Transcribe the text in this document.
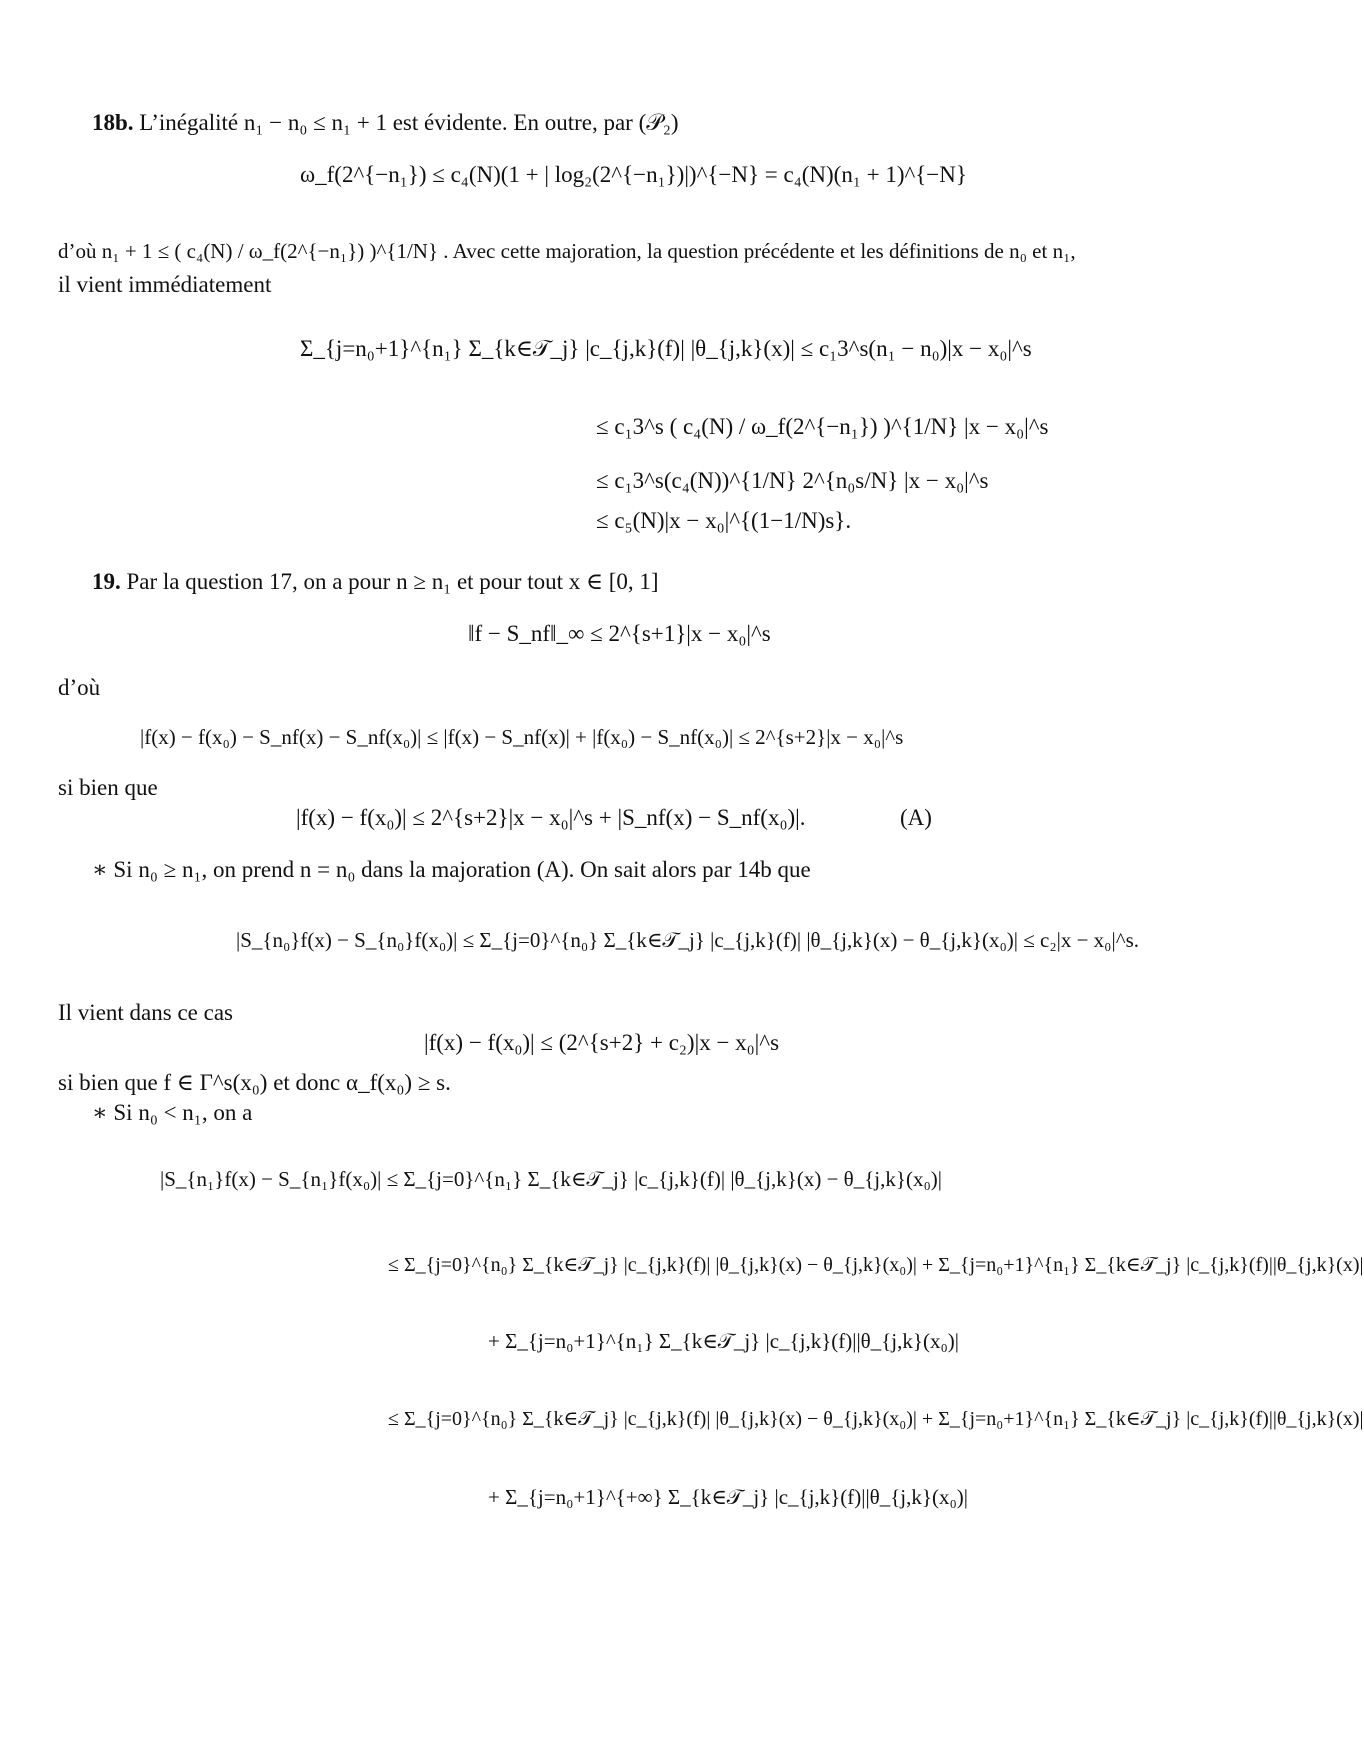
18b. L’inégalité n₁ − n₀ ≤ n₁ + 1 est évidente. En outre, par (𝒫₂)
ω_f(2^{−n₁}) ≤ c₄(N)(1 + | log₂(2^{−n₁})|)^{−N} = c₄(N)(n₁ + 1)^{−N}
d’où n₁ + 1 ≤ ( c₄(N) / ω_f(2^{−n₁}) )^{1/N} . Avec cette majoration, la question précédente et les définitions de n₀ et n₁,
il vient immédiatement
Σ_{j=n₀+1}^{n₁} Σ_{k∈𝒯_j} |c_{j,k}(f)| |θ_{j,k}(x)| ≤ c₁3^s(n₁ − n₀)|x − x₀|^s
≤ c₁3^s ( c₄(N) / ω_f(2^{−n₁}) )^{1/N} |x − x₀|^s
≤ c₁3^s(c₄(N))^{1/N} 2^{n₀s/N} |x − x₀|^s
≤ c₅(N)|x − x₀|^{(1−1/N)s}.
19. Par la question 17, on a pour n ≥ n₁ et pour tout x ∈ [0, 1]
‖f − S_nf‖_∞ ≤ 2^{s+1}|x − x₀|^s
d’où
|f(x) − f(x₀) − S_nf(x) − S_nf(x₀)| ≤ |f(x) − S_nf(x)| + |f(x₀) − S_nf(x₀)| ≤ 2^{s+2}|x − x₀|^s
si bien que
|f(x) − f(x₀)| ≤ 2^{s+2}|x − x₀|^s + |S_nf(x) − S_nf(x₀)|.	(A)
∗ Si n₀ ≥ n₁, on prend n = n₀ dans la majoration (A). On sait alors par 14b que
|S_{n₀}f(x) − S_{n₀}f(x₀)| ≤ Σ_{j=0}^{n₀} Σ_{k∈𝒯_j} |c_{j,k}(f)| |θ_{j,k}(x) − θ_{j,k}(x₀)| ≤ c₂|x − x₀|^s.
Il vient dans ce cas
|f(x) − f(x₀)| ≤ (2^{s+2} + c₂)|x − x₀|^s
si bien que f ∈ Γ^s(x₀) et donc α_f(x₀) ≥ s.
∗ Si n₀ < n₁, on a
|S_{n₁}f(x) − S_{n₁}f(x₀)| ≤ Σ_{j=0}^{n₁} Σ_{k∈𝒯_j} |c_{j,k}(f)| |θ_{j,k}(x) − θ_{j,k}(x₀)|
≤ Σ_{j=0}^{n₀} Σ_{k∈𝒯_j} |c_{j,k}(f)| |θ_{j,k}(x) − θ_{j,k}(x₀)| + Σ_{j=n₀+1}^{n₁} Σ_{k∈𝒯_j} |c_{j,k}(f)||θ_{j,k}(x)|
+ Σ_{j=n₀+1}^{n₁} Σ_{k∈𝒯_j} |c_{j,k}(f)||θ_{j,k}(x₀)|
≤ Σ_{j=0}^{n₀} Σ_{k∈𝒯_j} |c_{j,k}(f)| |θ_{j,k}(x) − θ_{j,k}(x₀)| + Σ_{j=n₀+1}^{n₁} Σ_{k∈𝒯_j} |c_{j,k}(f)||θ_{j,k}(x)|
+ Σ_{j=n₀+1}^{+∞} Σ_{k∈𝒯_j} |c_{j,k}(f)||θ_{j,k}(x₀)|
